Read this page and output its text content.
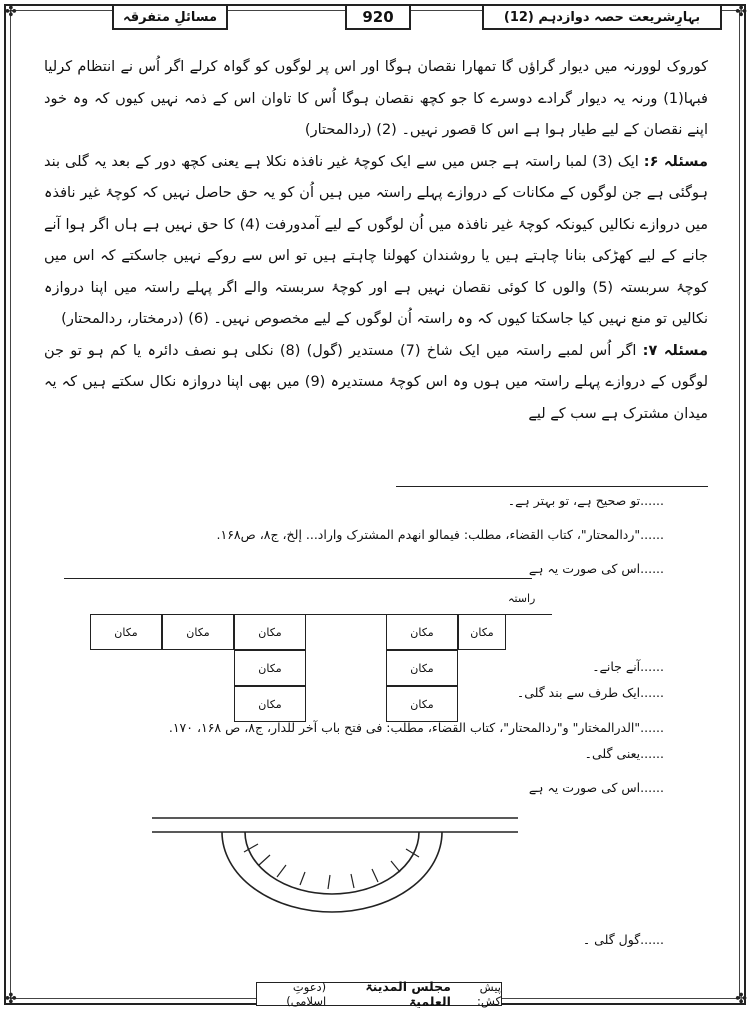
✤	✤
✤	✤
بہارِشریعت حصہ دوازدہم (12)
920
مسائلِ متفرقہ

کوروک لوورنہ میں دیوار گراؤں گا تمھارا نقصان ہوگا اور اس پر لوگوں کو گواہ کرلے اگر اُس نے انتظام کرلیا فبہا(1) ورنہ یہ دیوار گرادے دوسرے کا جو کچھ نقصان ہوگا اُس کا تاوان اس کے ذمہ نہیں کیوں کہ وہ خود اپنے نقصان کے لیے طیار ہوا ہے اس کا قصور نہیں۔ (2) (ردالمحتار)

مسئلہ ۶: ایک (3) لمبا راستہ ہے جس میں سے ایک کوچۂ غیر نافذہ نکلا ہے یعنی کچھ دور کے بعد یہ گلی بند ہوگئی ہے جن لوگوں کے مکانات کے دروازے پہلے راستہ میں ہیں اُن کو یہ حق حاصل نہیں کہ کوچۂ غیر نافذہ میں دروازے نکالیں کیونکہ کوچۂ غیر نافذہ میں اُن لوگوں کے لیے آمدورفت (4) کا حق نہیں ہے ہاں اگر ہوا آنے جانے کے لیے کھڑکی بنانا چاہتے ہیں یا روشندان کھولنا چاہتے ہیں تو اس سے روکے نہیں جاسکتے کہ اس میں کوچۂ سربستہ (5) والوں کا کوئی نقصان نہیں ہے اور کوچۂ سربستہ والے اگر پہلے راستہ میں اپنا دروازہ نکالیں تو منع نہیں کیا جاسکتا کیوں کہ وہ راستہ اُن لوگوں کے لیے مخصوص نہیں۔ (6) (درمختار، ردالمحتار)

مسئلہ ۷: اگر اُس لمبے راستہ میں ایک شاخ (7) مستدیر (گول) (8) نکلی ہو نصف دائرہ یا کم ہو تو جن لوگوں کے دروازے پہلے راستہ میں ہوں وہ اس کوچۂ مستدیرہ (9) میں بھی اپنا دروازہ نکال سکتے ہیں کہ یہ میدان مشترک ہے سب کے لیے

......تو صحیح ہے، تو بہتر ہے۔
......"ردالمحتار"، کتاب القضاء، مطلب: فیمالو انھدم المشترک واراد... إلخ، ج۸، ص۱۶۸.
......اس کی صورت یہ ہے
راستہ
مکان	مکان	مکان
مکان
مکان
مکان	مکان
مکان
مکان
......آنے جانے۔
......ایک طرف سے بند گلی۔
......"الدرالمختار" و"ردالمحتار"، کتاب القضاء، مطلب: فی فتح باب آخر للدار، ج۸، ص ۱۶۸، ۱۷۰.
......یعنی گلی۔
......اس کی صورت یہ ہے
......گول گلی ۔
پیش کش:
مجلس المدینۃ العلمیۃ
(دعوتِ اسلامی)
